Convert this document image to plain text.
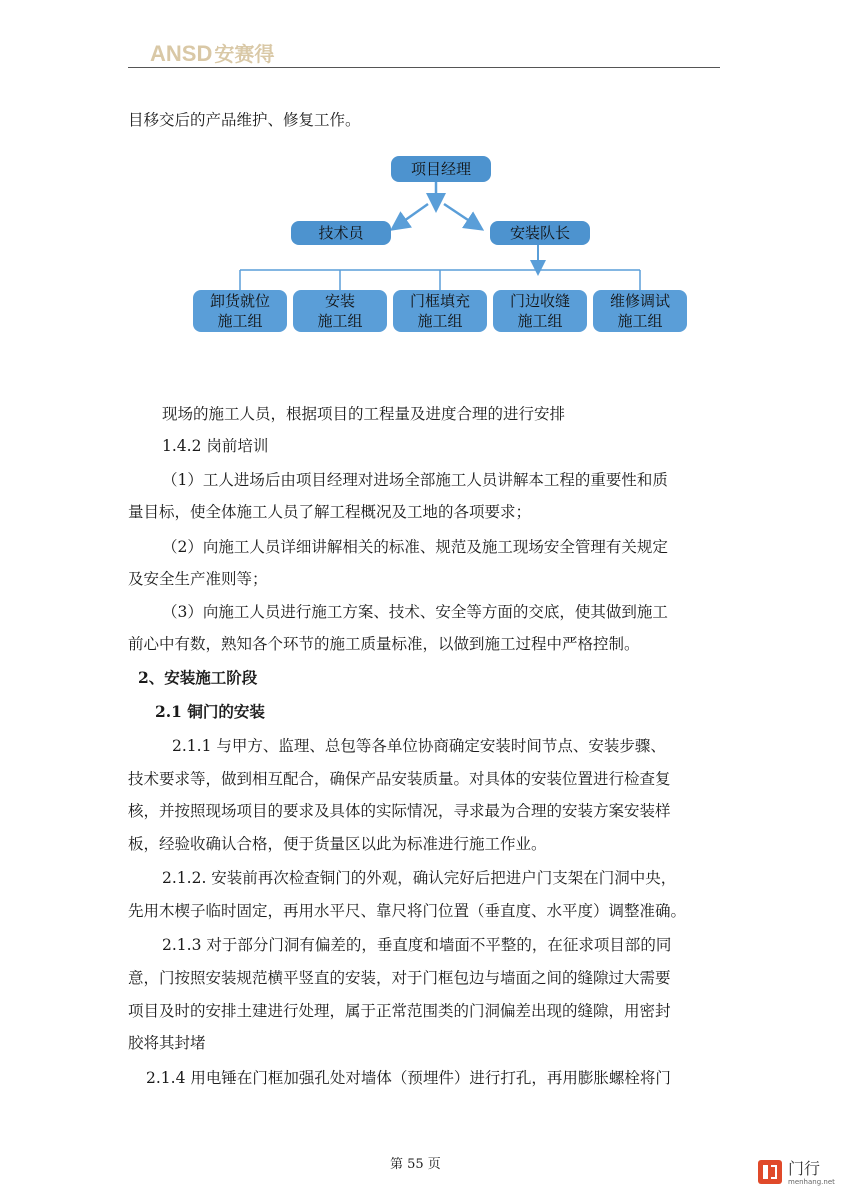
ANSD 安赛得
目移交后的产品维护、修复工作。
项目经理
技术员	安装队长
卸货就位
施工组
安装
施工组
门框填充
施工组
门边收缝
施工组
维修调试
施工组
现场的施工人员，根据项目的工程量及进度合理的进行安排
1.4.2 岗前培训
（1）工人进场后由项目经理对进场全部施工人员讲解本工程的重要性和质
量目标，使全体施工人员了解工程概况及工地的各项要求；
（2）向施工人员详细讲解相关的标准、规范及施工现场安全管理有关规定
及安全生产准则等；
（3）向施工人员进行施工方案、技术、安全等方面的交底，使其做到施工
前心中有数，熟知各个环节的施工质量标准，以做到施工过程中严格控制。
2、安装施工阶段
2.1 铜门的安装
2.1.1 与甲方、监理、总包等各单位协商确定安装时间节点、安装步骤、
技术要求等，做到相互配合，确保产品安装质量。对具体的安装位置进行检查复
核，并按照现场项目的要求及具体的实际情况，寻求最为合理的安装方案安装样
板，经验收确认合格，便于货量区以此为标准进行施工作业。
2.1.2. 安装前再次检查铜门的外观，确认完好后把进户门支架在门洞中央，
先用木楔子临时固定，再用水平尺、靠尺将门位置（垂直度、水平度）调整准确。
2.1.3 对于部分门洞有偏差的，垂直度和墙面不平整的，在征求项目部的同
意，门按照安装规范横平竖直的安装，对于门框包边与墙面之间的缝隙过大需要
项目及时的安排土建进行处理，属于正常范围类的门洞偏差出现的缝隙，用密封
胶将其封堵
2.1.4 用电锤在门框加强孔处对墙体（预埋件）进行打孔，再用膨胀螺栓将门
第 55 页	门行
menhang.net
